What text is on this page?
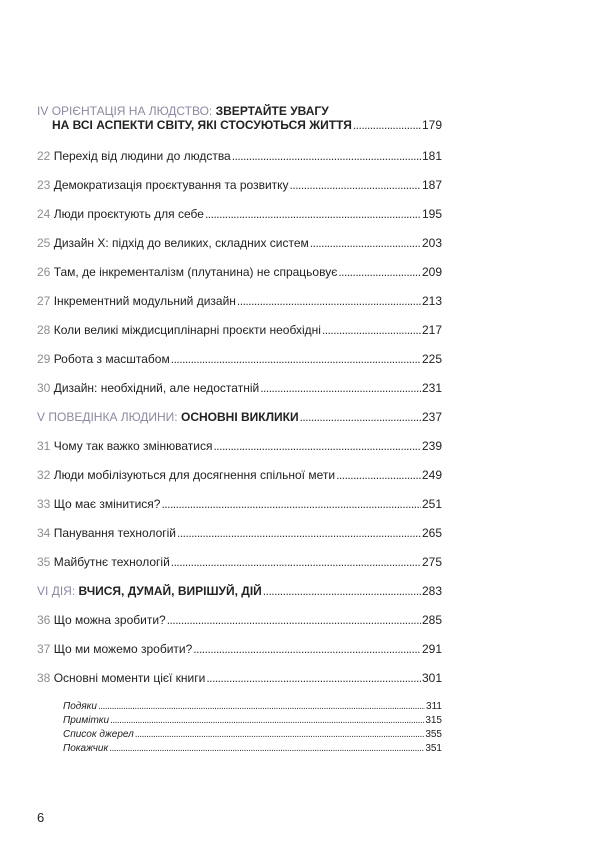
IV ОРІЄНТАЦІЯ НА ЛЮДСТВО: ЗВЕРТАЙТЕ УВАГУ
НА ВСІ АСПЕКТИ СВІТУ, ЯКІ СТОСУЮТЬСЯ ЖИТТЯ .....	179
22 Перехід від людини до людства .....	181
23 Демократизація проєктування та розвитку .....	187
24 Люди проєктують для себе .....	195
25 Дизайн Х: підхід до великих, складних систем .....	203
26 Там, де інкременталізм (плутанина) не спрацьовує .....	209
27 Інкрементний модульний дизайн .....	213
28 Коли великі міждисциплінарні проєкти необхідні .....	217
29 Робота з масштабом .....	225
30 Дизайн: необхідний, але недостатній .....	231
V ПОВЕДІНКА ЛЮДИНИ: ОСНОВНІ ВИКЛИКИ .....	237
31 Чому так важко змінюватися .....	239
32 Люди мобілізуються для досягнення спільної мети .....	249
33 Що має змінитися? .....	251
34 Панування технологій .....	265
35 Майбутнє технологій .....	275
VI ДІЯ: ВЧИСЯ, ДУМАЙ, ВИРІШУЙ, ДІЙ .....	283
36 Що можна зробити? .....	285
37 Що ми можемо зробити? .....	291
38 Основні моменти цієї книги .....	301
Подяки .....	311
Примітки .....	315
Список джерел .....	355
Покажчик .....	351
6
